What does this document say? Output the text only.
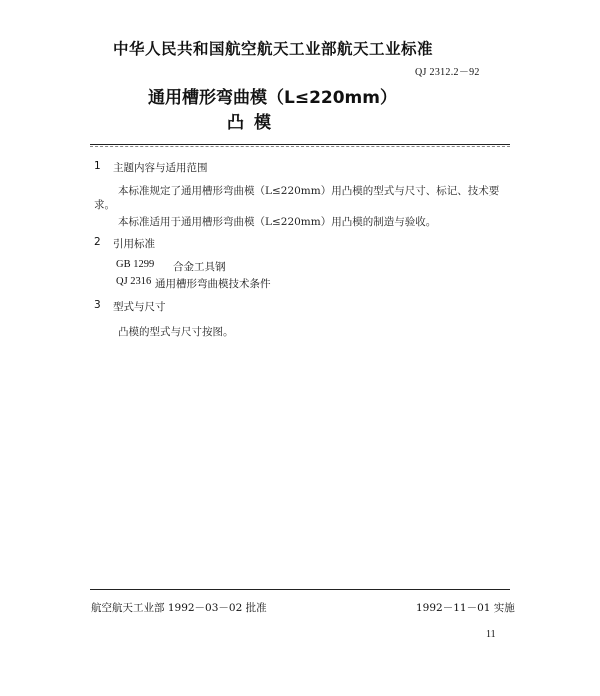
中华人民共和国航空航天工业部航天工业标准
QJ 2312.2－92
通用槽形弯曲模（L≤220mm）
凸模
1 主题内容与适用范围
本标准规定了通用槽形弯曲模（L≤220mm）用凸模的型式与尺寸、标记、技术要
求。
本标准适用于通用槽形弯曲模（L≤220mm）用凸模的制造与验收。
2 引用标准
GB 1299 合金工具钢
QJ 2316 通用槽形弯曲模技术条件
3 型式与尺寸
凸模的型式与尺寸按图。
航空航天工业部 1992－03－02 批准	1992－11－01 实施
11
